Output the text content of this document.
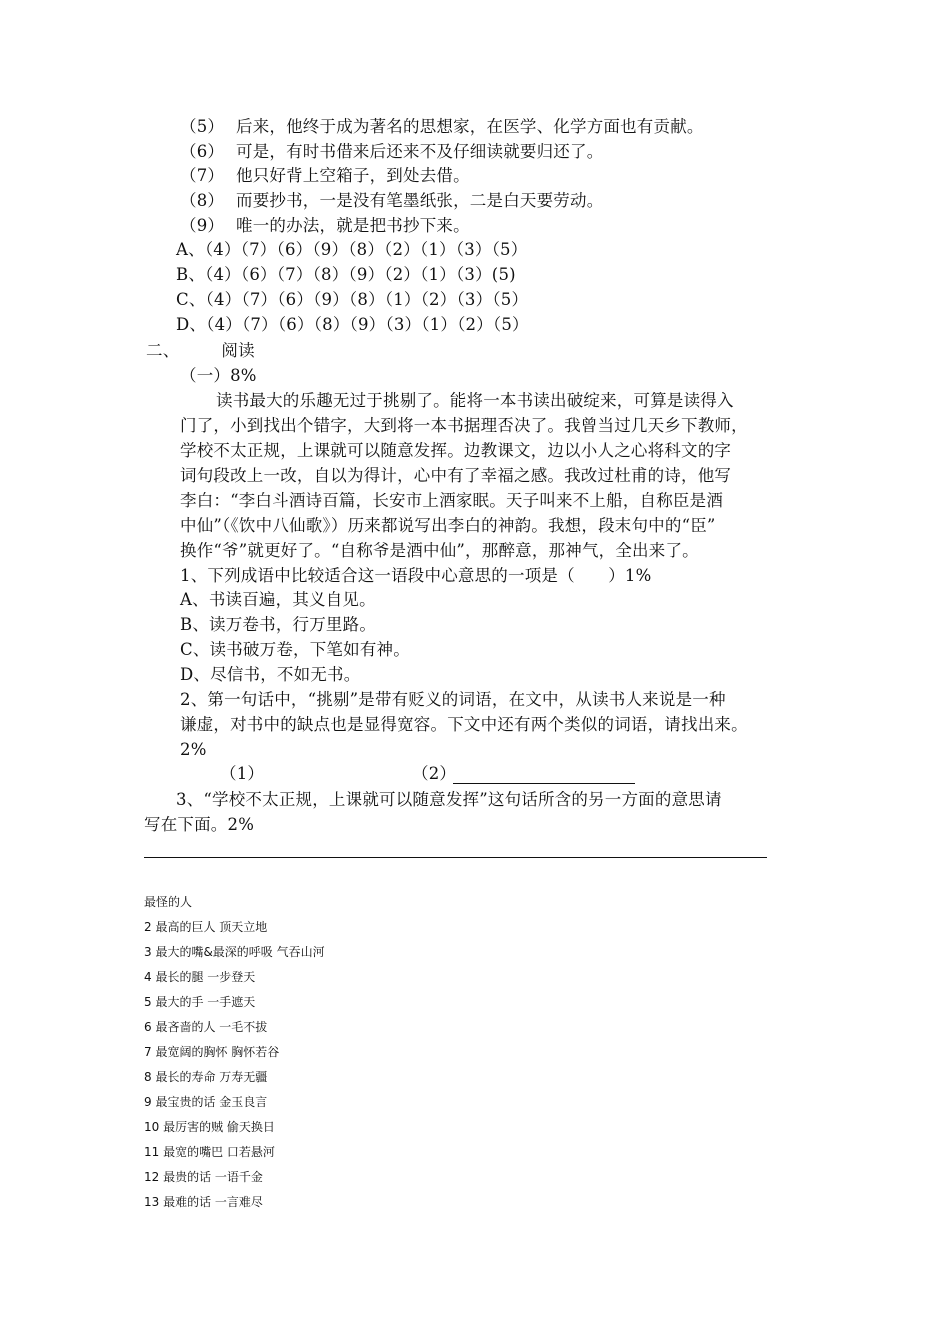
（5） 后来，他终于成为著名的思想家，在医学、化学方面也有贡献。
（6） 可是，有时书借来后还来不及仔细读就要归还了。
（7） 他只好背上空箱子，到处去借。
（8） 而要抄书，一是没有笔墨纸张，二是白天要劳动。
（9） 唯一的办法，就是把书抄下来。
A、（4）（7）（6）（9）（8）（2）（1）（3）（5）
B、（4）（6）（7）（8）（9）（2）（1）（3）(5)
C、（4）（7）（6）（9）（8）（1）（2）（3）（5）
D、（4）（7）（6）（8）（9）（3）（1）（2）（5）
二、	阅读
（一）8%
读书最大的乐趣无过于挑剔了。能将一本书读出破绽来，可算是读得入
门了，小到找出个错字，大到将一本书据理否决了。我曾当过几天乡下教师，
学校不太正规，上课就可以随意发挥。边教课文，边以小人之心将科文的字
词句段改上一改，自以为得计，心中有了幸福之感。我改过杜甫的诗，他写
李白：“李白斗酒诗百篇，长安市上酒家眠。天子叫来不上船，自称臣是酒
中仙”（《饮中八仙歌》）历来都说写出李白的神韵。我想，段末句中的“臣”
换作“爷”就更好了。“自称爷是酒中仙”，那醉意，那神气，全出来了。
1、下列成语中比较适合这一语段中心意思的一项是（　　）1%
A、书读百遍，其义自见。
B、读万卷书，行万里路。
C、读书破万卷，下笔如有神。
D、尽信书，不如无书。
2、第一句话中，“挑剔”是带有贬义的词语，在文中，从读书人来说是一种
谦虚，对书中的缺点也是显得宽容。下文中还有两个类似的词语，请找出来。
2%
（1）	（2）
3、“学校不太正规，上课就可以随意发挥”这句话所含的另一方面的意思请
写在下面。2%
最怪的人
2 最高的巨人 顶天立地
3 最大的嘴&最深的呼吸 气吞山河
4 最长的腿 一步登天
5 最大的手 一手遮天
6 最吝啬的人 一毛不拔
7 最宽阔的胸怀 胸怀若谷
8 最长的寿命 万寿无疆
9 最宝贵的话 金玉良言
10 最厉害的贼 偷天换日
11 最宽的嘴巴 口若悬河
12 最贵的话 一语千金
13 最难的话 一言难尽
